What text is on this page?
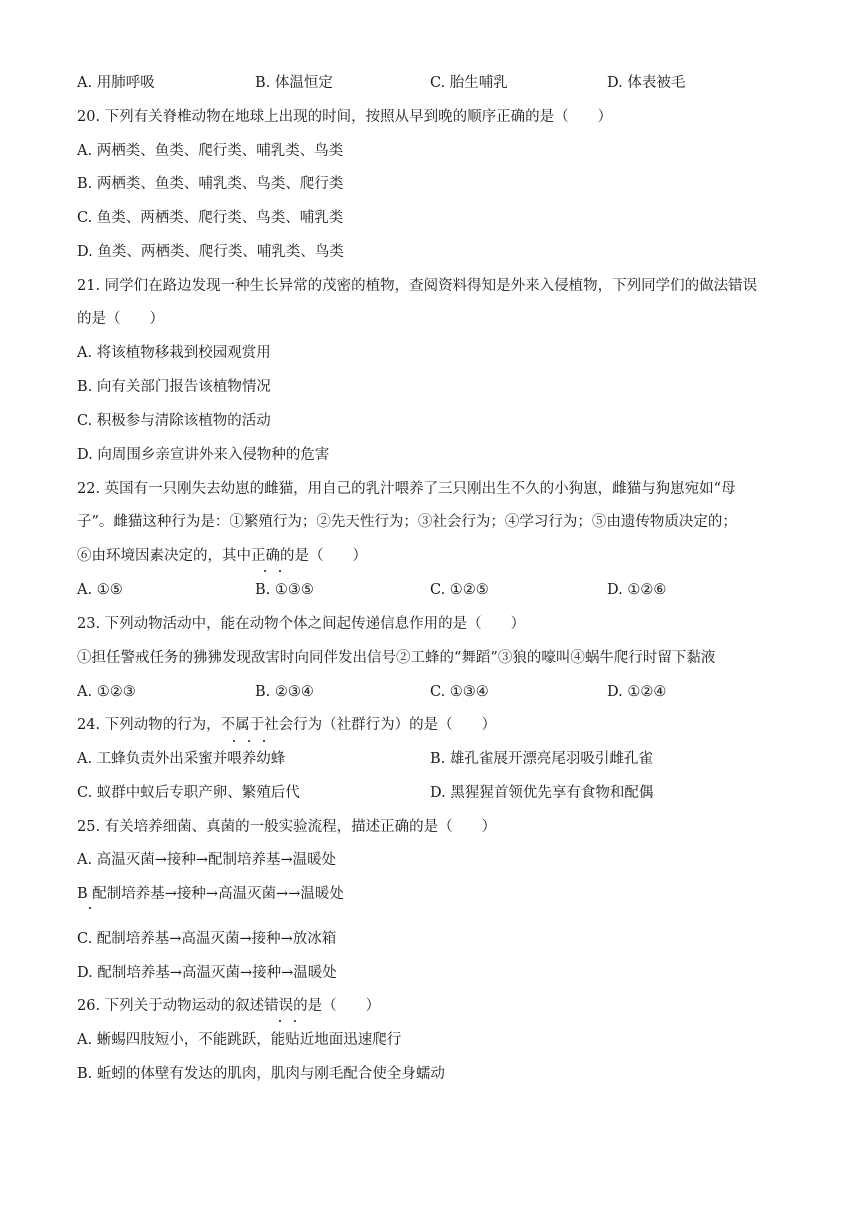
A. 用肺呼吸	B. 体温恒定	C. 胎生哺乳	D. 体表被毛
20. 下列有关脊椎动物在地球上出现的时间，按照从早到晚的顺序正确的是（　　）
A. 两栖类、鱼类、爬行类、哺乳类、鸟类
B. 两栖类、鱼类、哺乳类、鸟类、爬行类
C. 鱼类、两栖类、爬行类、鸟类、哺乳类
D. 鱼类、两栖类、爬行类、哺乳类、鸟类
21. 同学们在路边发现一种生长异常的茂密的植物，查阅资料得知是外来入侵植物，下列同学们的做法错误
的是（　　）
A. 将该植物移栽到校园观赏用
B. 向有关部门报告该植物情况
C. 积极参与清除该植物的活动
D. 向周围乡亲宣讲外来入侵物种的危害
22. 英国有一只刚失去幼崽的雌猫，用自己的乳汁喂养了三只刚出生不久的小狗崽，雌猫与狗崽宛如“母
子”。雌猫这种行为是：①繁殖行为；②先天性行为；③社会行为；④学习行为；⑤由遗传物质决定的；
⑥由环境因素决定的，其中正确的是（　　）
A. ①⑤	B. ①③⑤	C. ①②⑤	D. ①②⑥
23. 下列动物活动中，能在动物个体之间起传递信息作用的是（　　）
①担任警戒任务的狒狒发现敌害时向同伴发出信号②工蜂的“舞蹈”③狼的嚎叫④蜗牛爬行时留下黏液
A. ①②③	B. ②③④	C. ①③④	D. ①②④
24. 下列动物的行为，不属于社会行为（社群行为）的是（　　）
A. 工蜂负责外出采蜜并喂养幼蜂	B. 雄孔雀展开漂亮尾羽吸引雌孔雀
C. 蚁群中蚁后专职产卵、繁殖后代	D. 黑猩猩首领优先享有食物和配偶
25. 有关培养细菌、真菌的一般实验流程，描述正确的是（　　）
A. 高温灭菌→接种→配制培养基→温暖处
B 配制培养基→接种→高温灭菌→→温暖处
C. 配制培养基→高温灭菌→接种→放冰箱
D. 配制培养基→高温灭菌→接种→温暖处
26. 下列关于动物运动的叙述错误的是（　　）
A. 蜥蜴四肢短小，不能跳跃，能贴近地面迅速爬行
B. 蚯蚓的体壁有发达的肌肉，肌肉与刚毛配合使全身蠕动
